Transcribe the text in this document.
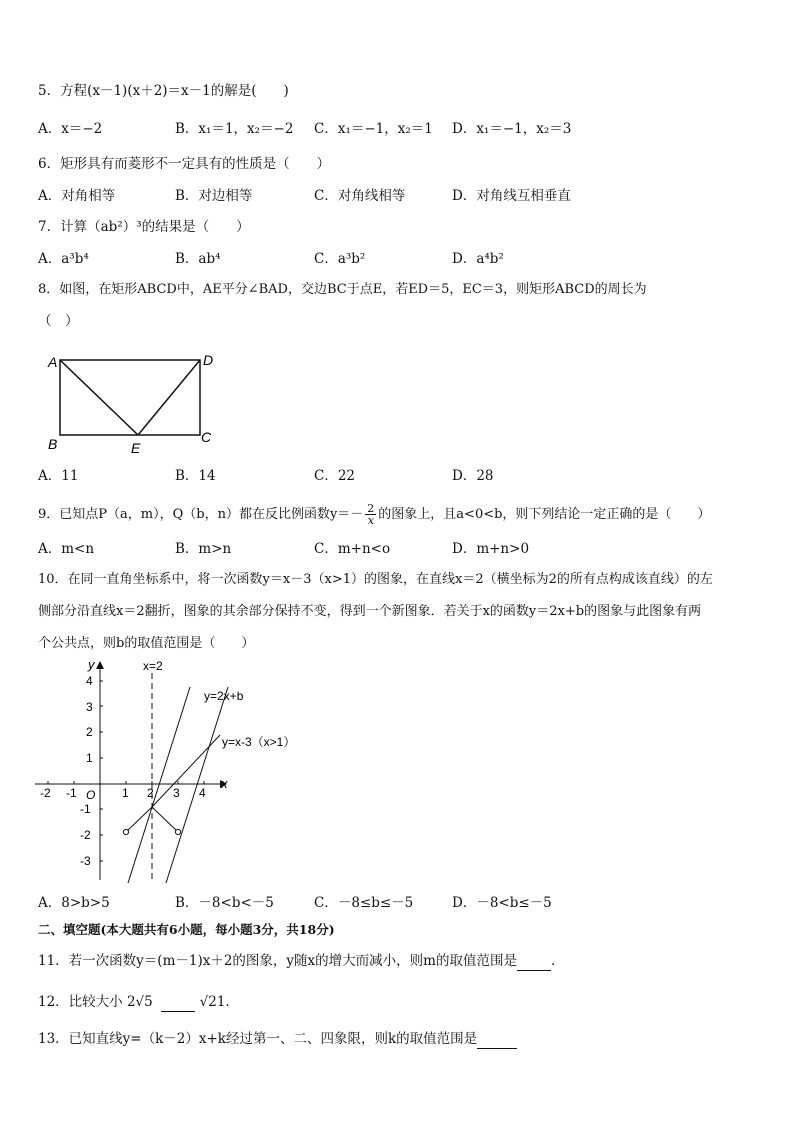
5．方程(x－1)(x＋2)＝x－1的解是(　　)
A．x＝−2	B．x₁＝1，x₂＝−2 C．x₁＝−1，x₂＝1 D．x₁＝−1，x₂＝3
6．矩形具有而菱形不一定具有的性质是（　　）
A．对角相等	B．对边相等	C．对角线相等	D．对角线互相垂直
7．计算（ab²）³的结果是（　　）
A．a³b⁴	B．ab⁴	C．a³b²	D．a⁴b²
8．如图，在矩形ABCD中，AE平分∠BAD，交边BC于点E，若ED＝5，EC＝3，则矩形ABCD的周长为
（　）
A	D
B	C
E
A．11	B．14	C．22	D．28
9．已知点P（a，m），Q（b，n）都在反比例函数$y=- \frac{2}{x}$ 的图象上，且a<0<b，则下列结论一定正确的是（　　）
A．m<n	B．m>n	C．m+n<o	D．m+n>0
10．在同一直角坐标系中，将一次函数y＝x－3（x>1）的图象，在直线x＝2（横坐标为2的所有点构成该直线）的左
侧部分沿直线x＝2翻折，图象的其余部分保持不变，得到一个新图象．若关于x的函数y＝2x+b的图象与此图象有两
个公共点，则b的取值范围是（　　）
x
y
O
-2 -1	1 2 3 4
4
3
2
1
-1
-2
-3
x=2
y=2x+b
y=x-3（x>1）
A．8>b>5	B．－8<b<－5	C．－8≤b≤－5	D．－8<b≤－5
二、填空题(本大题共有6小题，每小题3分，共18分)
11．若一次函数y＝(m－1)x＋2的图象，y随x的增大而减小，则m的取值范围是	．
12．比较大小 2√5	√21．
13．已知直线y=（k－2）x+k经过第一、二、四象限，则k的取值范围是
